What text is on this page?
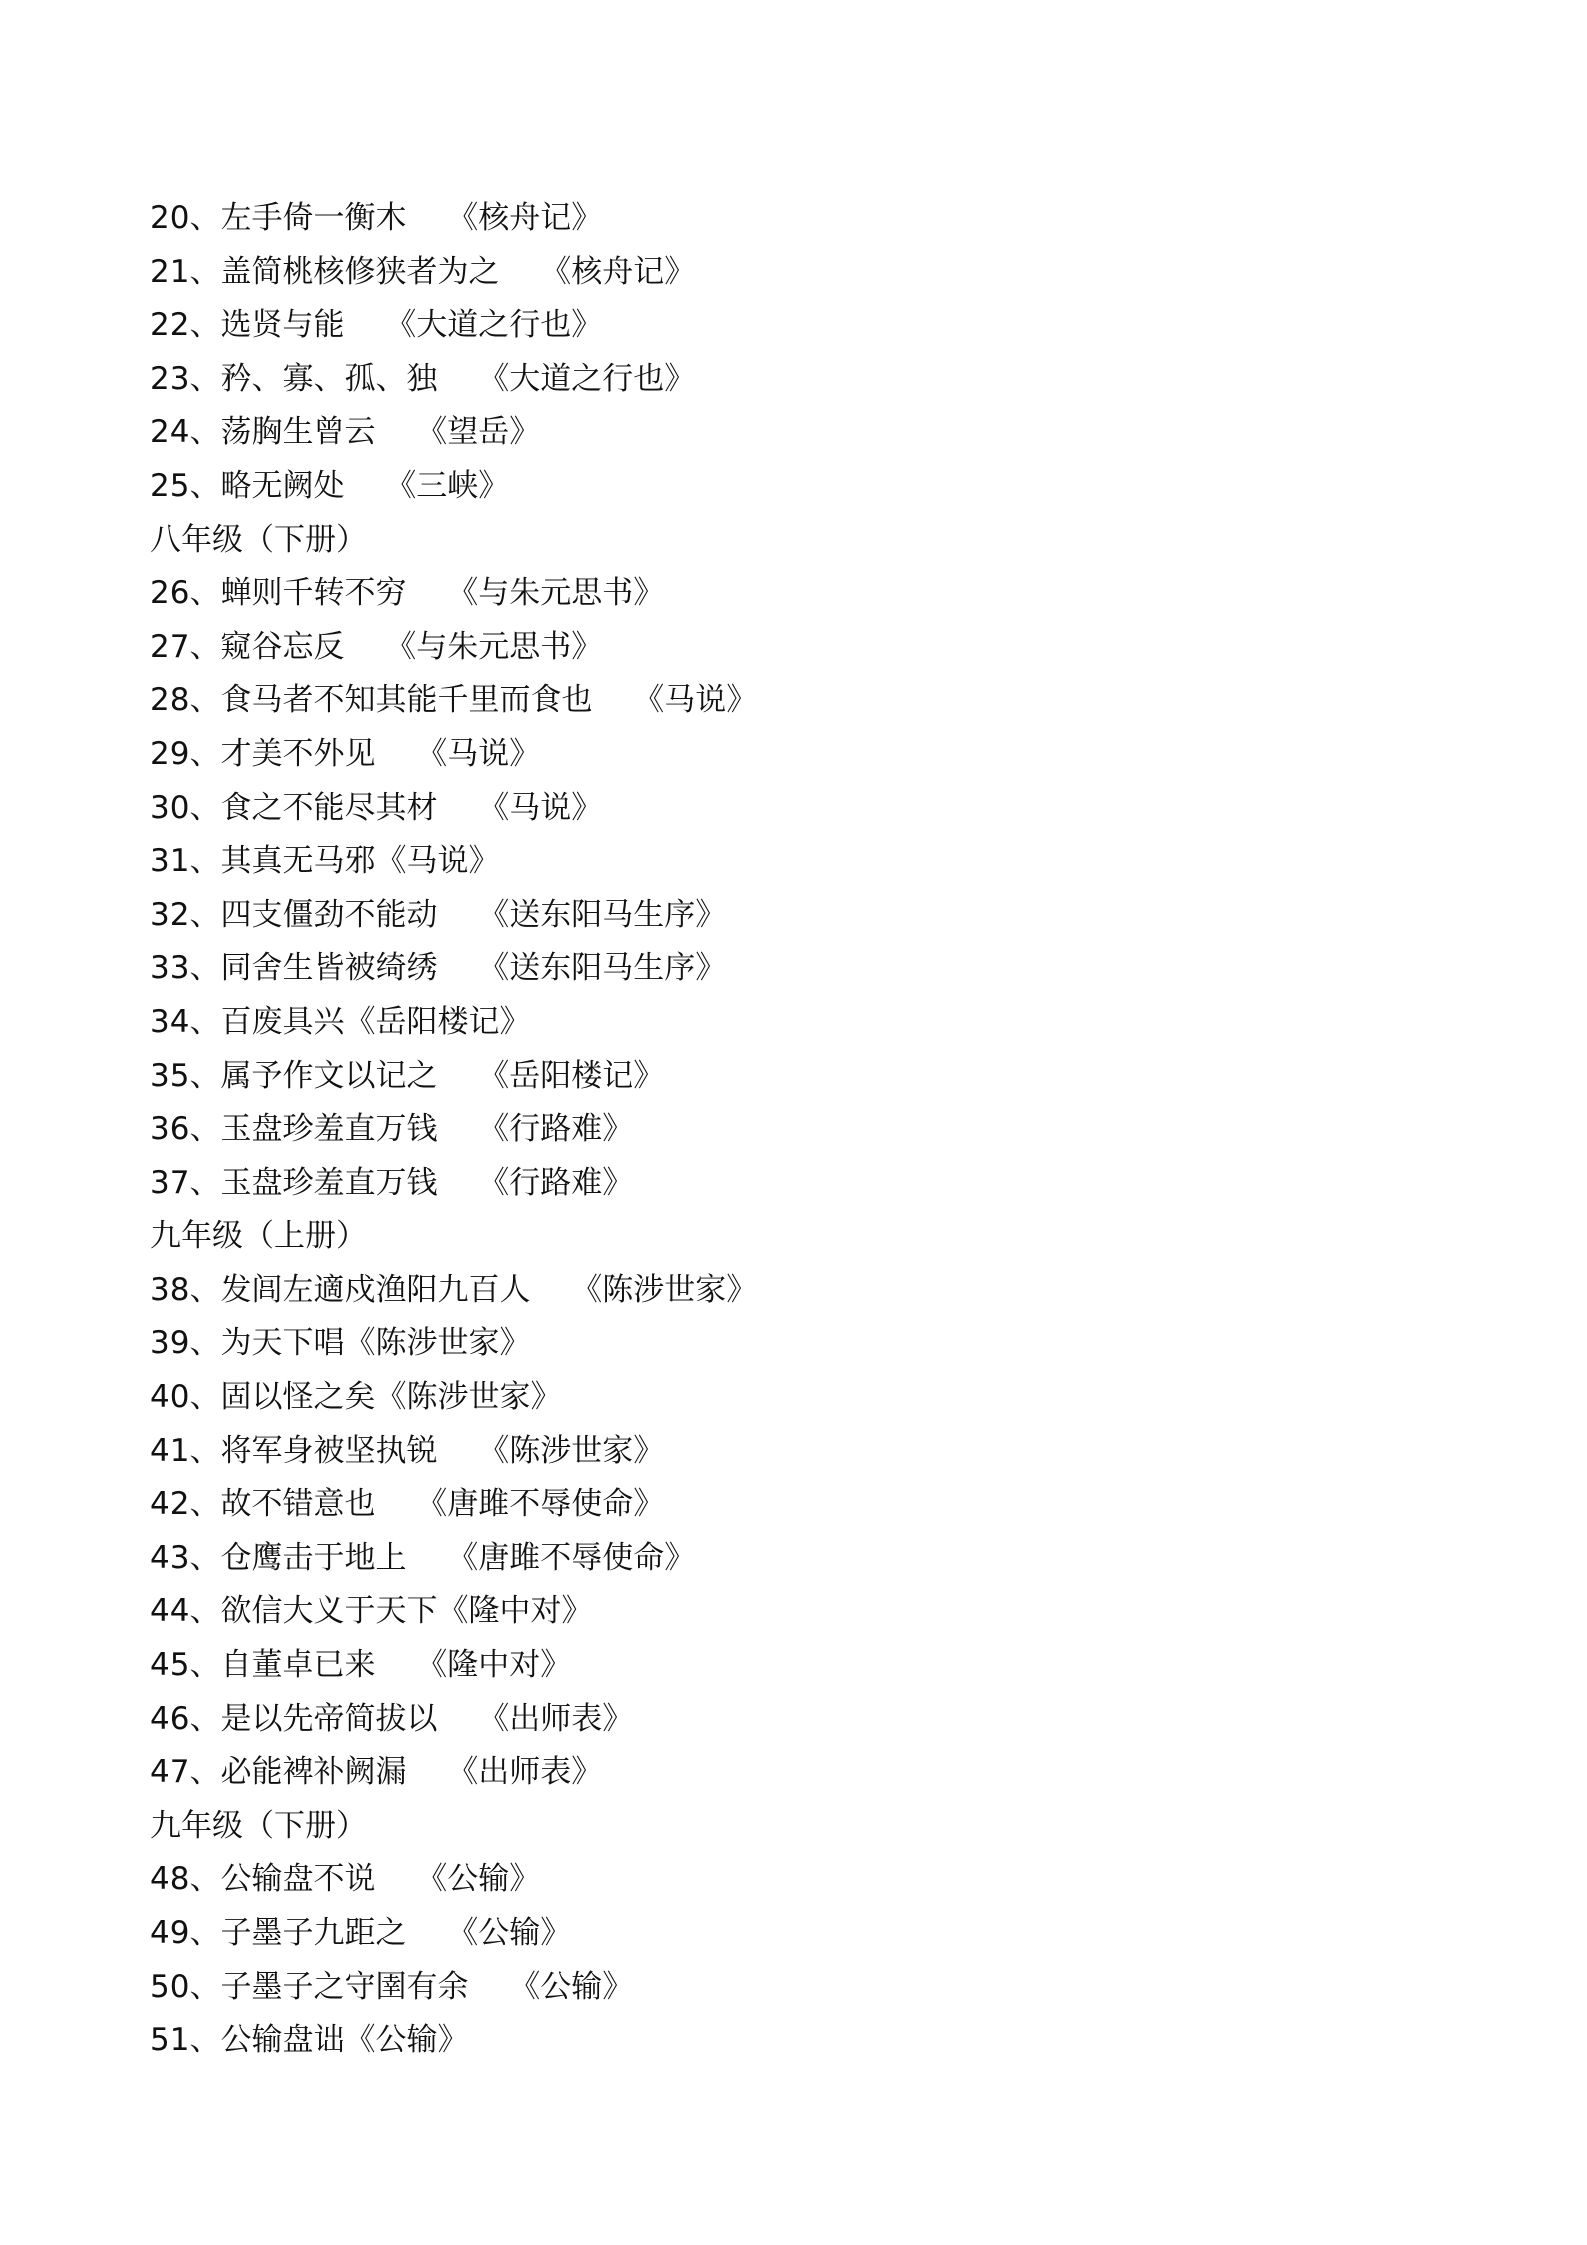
20、左手倚一衡木　 《核舟记》
21、盖简桃核修狭者为之　 《核舟记》
22、选贤与能　 《大道之行也》
23、矜、寡、孤、独　 《大道之行也》
24、荡胸生曾云　 《望岳》
25、略无阙处　 《三峡》
八年级（下册）
26、蝉则千转不穷　 《与朱元思书》
27、窥谷忘反　 《与朱元思书》
28、食马者不知其能千里而食也　 《马说》
29、才美不外见　 《马说》
30、食之不能尽其材　 《马说》
31、其真无马邪《马说》
32、四支僵劲不能动　 《送东阳马生序》
33、同舍生皆被绮绣　 《送东阳马生序》
34、百废具兴《岳阳楼记》
35、属予作文以记之　 《岳阳楼记》
36、玉盘珍羞直万钱　 《行路难》
37、玉盘珍羞直万钱　 《行路难》
九年级（上册）
38、发闾左適戍渔阳九百人　 《陈涉世家》
39、为天下唱《陈涉世家》
40、固以怪之矣《陈涉世家》
41、将军身被坚执锐　 《陈涉世家》
42、故不错意也　 《唐雎不辱使命》
43、仓鹰击于地上　 《唐雎不辱使命》
44、欲信大义于天下《隆中对》
45、自董卓已来　 《隆中对》
46、是以先帝简拔以　 《出师表》
47、必能裨补阙漏　 《出师表》
九年级（下册）
48、公输盘不说　 《公输》
49、子墨子九距之　 《公输》
50、子墨子之守圉有余　 《公输》
51、公输盘诎《公输》
